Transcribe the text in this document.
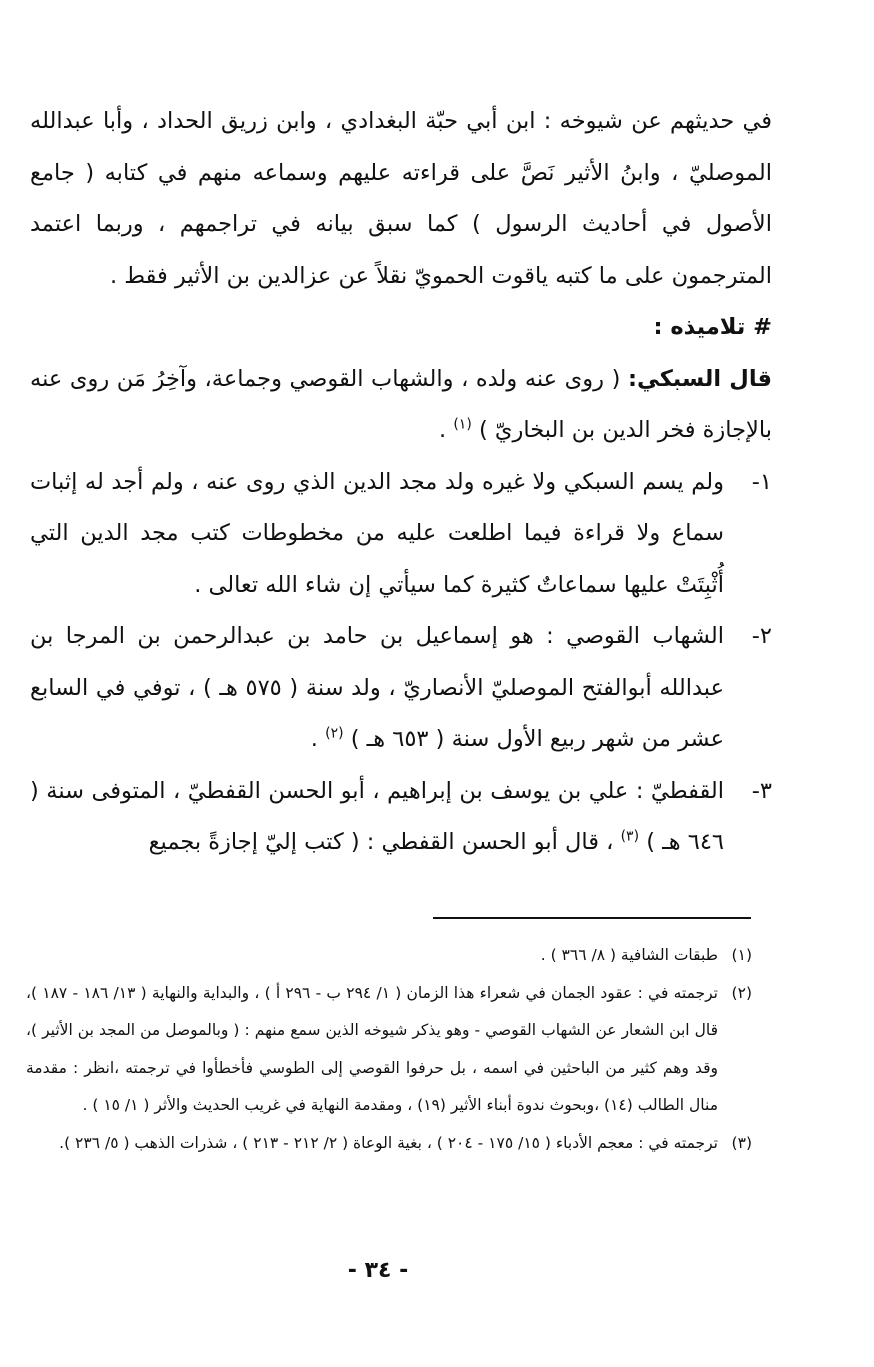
في حديثهم عن شيوخه : ابن أبي حبّة البغدادي ، وابن زريق الحداد ، وأبا عبدالله الموصليّ ، وابنُ الأثير نَصَّ على قراءته عليهم وسماعه منهم في كتابه ( جامع الأصول في أحاديث الرسول ) كما سبق بيانه في تراجمهم ، وربما اعتمد المترجمون على ما كتبه ياقوت الحمويّ نقلاً عن عزالدين بن الأثير فقط .

# تلاميذه :

قال السبكي: ( روى عنه ولده ، والشهاب القوصي وجماعة، وآخِرُ مَن روى عنه بالإجازة فخر الدين بن البخاريّ ) $^{(١)}$ .

١-
ولم يسم السبكي ولا غيره ولد مجد الدين الذي روى عنه ، ولم أجد له إثبات سماع ولا قراءة فيما اطلعت عليه من مخطوطات كتب مجد الدين التي أُثْبِتَتْ عليها سماعاتٌ كثيرة كما سيأتي إن شاء الله تعالى .

٢-
الشهاب القوصي : هو إسماعيل بن حامد بن عبدالرحمن بن المرجا بن عبدالله أبوالفتح الموصليّ الأنصاريّ ، ولد سنة ( ٥٧٥ هـ ) ، توفي في السابع عشر من شهر ربيع الأول سنة ( ٦٥٣ هـ ) $^{(٢)}$ .

٣-
القفطيّ : علي بن يوسف بن إبراهيم ، أبو الحسن القفطيّ ، المتوفى سنة ( ٦٤٦ هـ ) $^{(٣)}$ ، قال أبو الحسن القفطي : ( كتب إليّ إجازةً بجميع

(١)
طبقات الشافية ( ٨/ ٣٦٦ ) .

(٢)
ترجمته في : عقود الجمان في شعراء هذا الزمان ( ١/ ٢٩٤ ب - ٢٩٦ أ ) ، والبداية والنهاية ( ١٣/ ١٨٦ - ١٨٧ )، قال ابن الشعار عن الشهاب القوصي - وهو يذكر شيوخه الذين سمع منهم : ( وبالموصل من المجد بن الأثير )، وقد وهم كثير من الباحثين في اسمه ، بل حرفوا القوصي إلى الطوسي فأخطأوا في ترجمته ،انظر : مقدمة منال الطالب (١٤) ،وبحوث ندوة أبناء الأثير (١٩) ، ومقدمة النهاية في غريب الحديث والأثر ( ١/ ١٥ ) .

(٣)
ترجمته في : معجم الأدباء ( ١٥/ ١٧٥ - ٢٠٤ ) ، بغية الوعاة ( ٢/ ٢١٢ - ٢١٣ ) ، شذرات الذهب ( ٥/ ٢٣٦ ).

- ٣٤ -
